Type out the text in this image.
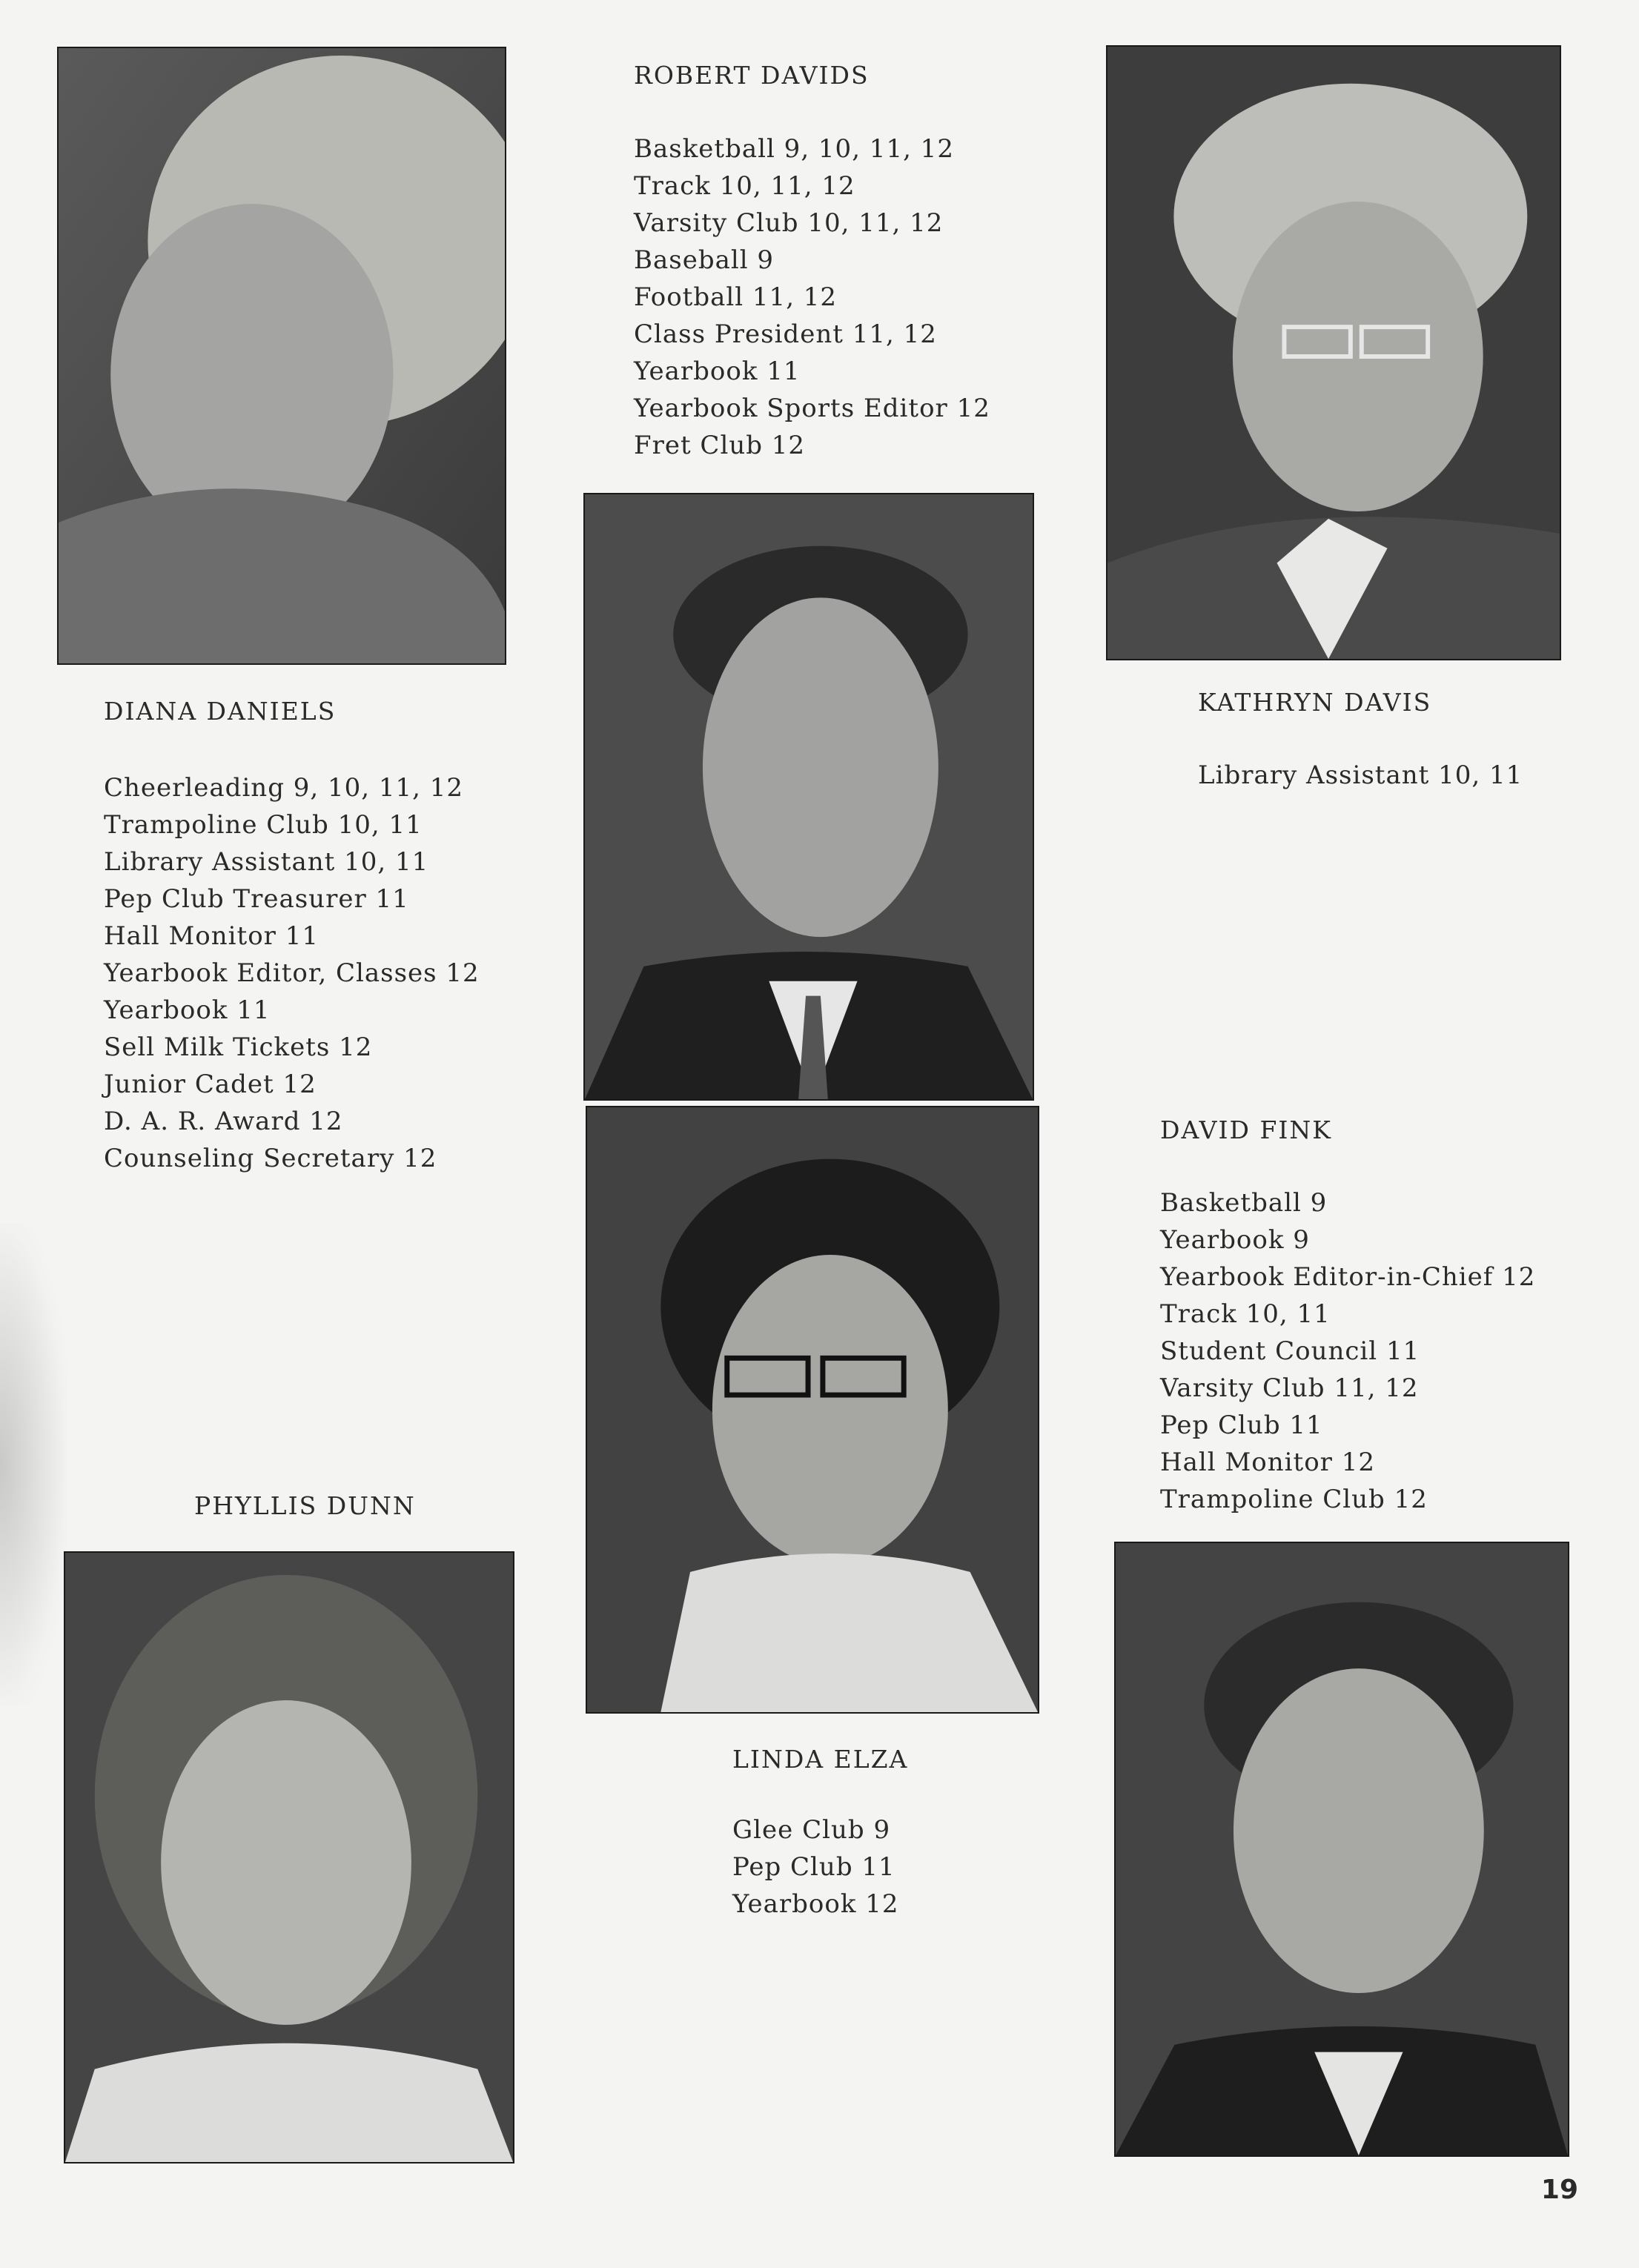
ROBERT DAVIDS

Basketball 9, 10, 11, 12

Track 10, 11, 12

Varsity Club 10, 11, 12

Baseball 9

Football 11, 12

Class President 11, 12

Yearbook 11

Yearbook Sports Editor 12

Fret Club 12

DIANA DANIELS

Cheerleading 9, 10, 11, 12

Trampoline Club 10, 11

Library Assistant 10, 11

Pep Club Treasurer 11

Hall Monitor 11

Yearbook Editor, Classes 12

Yearbook 11

Sell Milk Tickets 12

Junior Cadet 12

D. A. R. Award 12

Counseling Secretary 12

KATHRYN DAVIS

Library Assistant 10, 11

DAVID FINK

Basketball 9

Yearbook 9

Yearbook Editor-in-Chief 12

Track 10, 11

Student Council 11

Varsity Club 11, 12

Pep Club 11

Hall Monitor 12

Trampoline Club 12

PHYLLIS DUNN
LINDA ELZA

Glee Club 9

Pep Club 11

Yearbook 12

19
